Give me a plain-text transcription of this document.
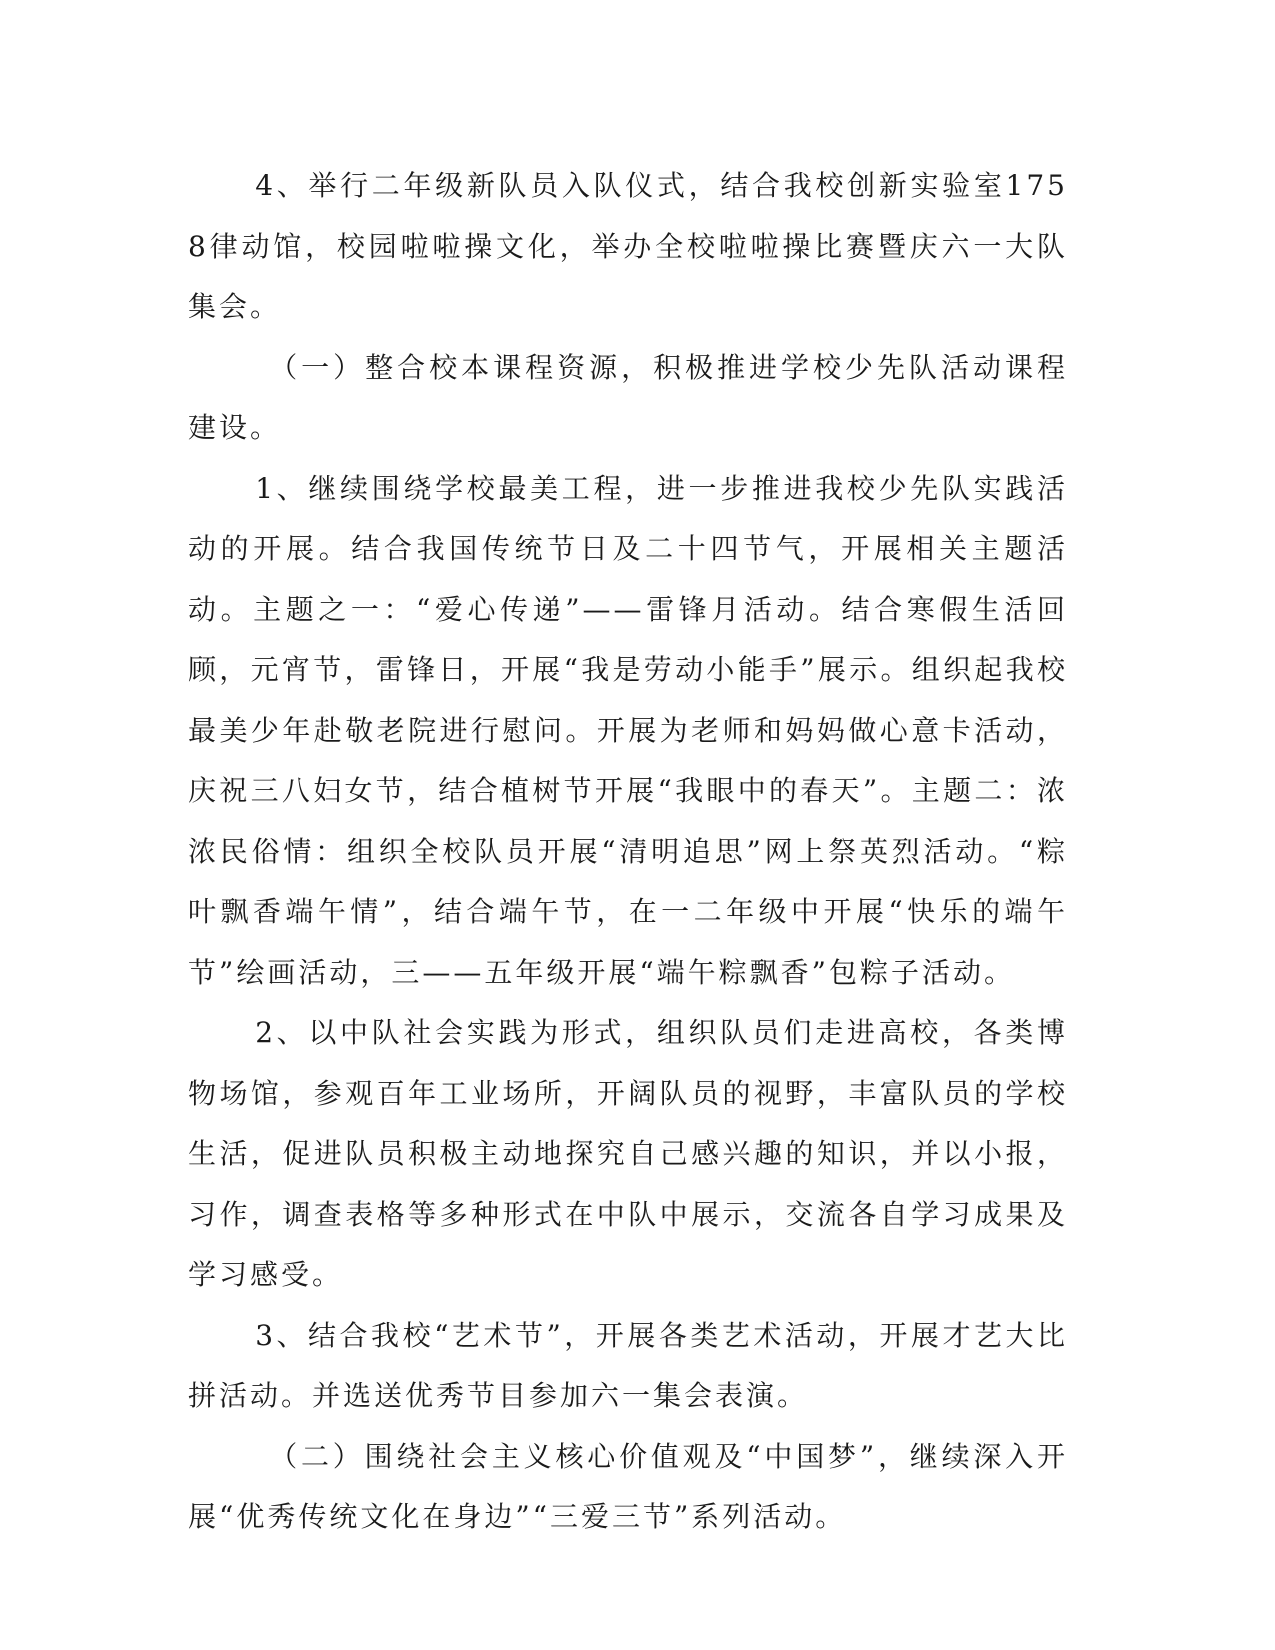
4、举行二年级新队员入队仪式，结合我校创新实验室1758律动馆，校园啦啦操文化，举办全校啦啦操比赛暨庆六一大队集会。

（一）整合校本课程资源，积极推进学校少先队活动课程建设。

1、继续围绕学校最美工程，进一步推进我校少先队实践活动的开展。结合我国传统节日及二十四节气，开展相关主题活动。主题之一：“爱心传递”——雷锋月活动。结合寒假生活回顾，元宵节，雷锋日，开展“我是劳动小能手”展示。组织起我校最美少年赴敬老院进行慰问。开展为老师和妈妈做心意卡活动，庆祝三八妇女节，结合植树节开展“我眼中的春天”。主题二：浓浓民俗情：组织全校队员开展“清明追思”网上祭英烈活动。“粽叶飘香端午情”，结合端午节，在一二年级中开展“快乐的端午节”绘画活动，三——五年级开展“端午粽飘香”包粽子活动。

2、以中队社会实践为形式，组织队员们走进高校，各类博物场馆，参观百年工业场所，开阔队员的视野，丰富队员的学校生活，促进队员积极主动地探究自己感兴趣的知识，并以小报，习作，调查表格等多种形式在中队中展示，交流各自学习成果及学习感受。

3、结合我校“艺术节”，开展各类艺术活动，开展才艺大比拼活动。并选送优秀节目参加六一集会表演。

（二）围绕社会主义核心价值观及“中国梦”，继续深入开展“优秀传统文化在身边”“三爱三节”系列活动。
